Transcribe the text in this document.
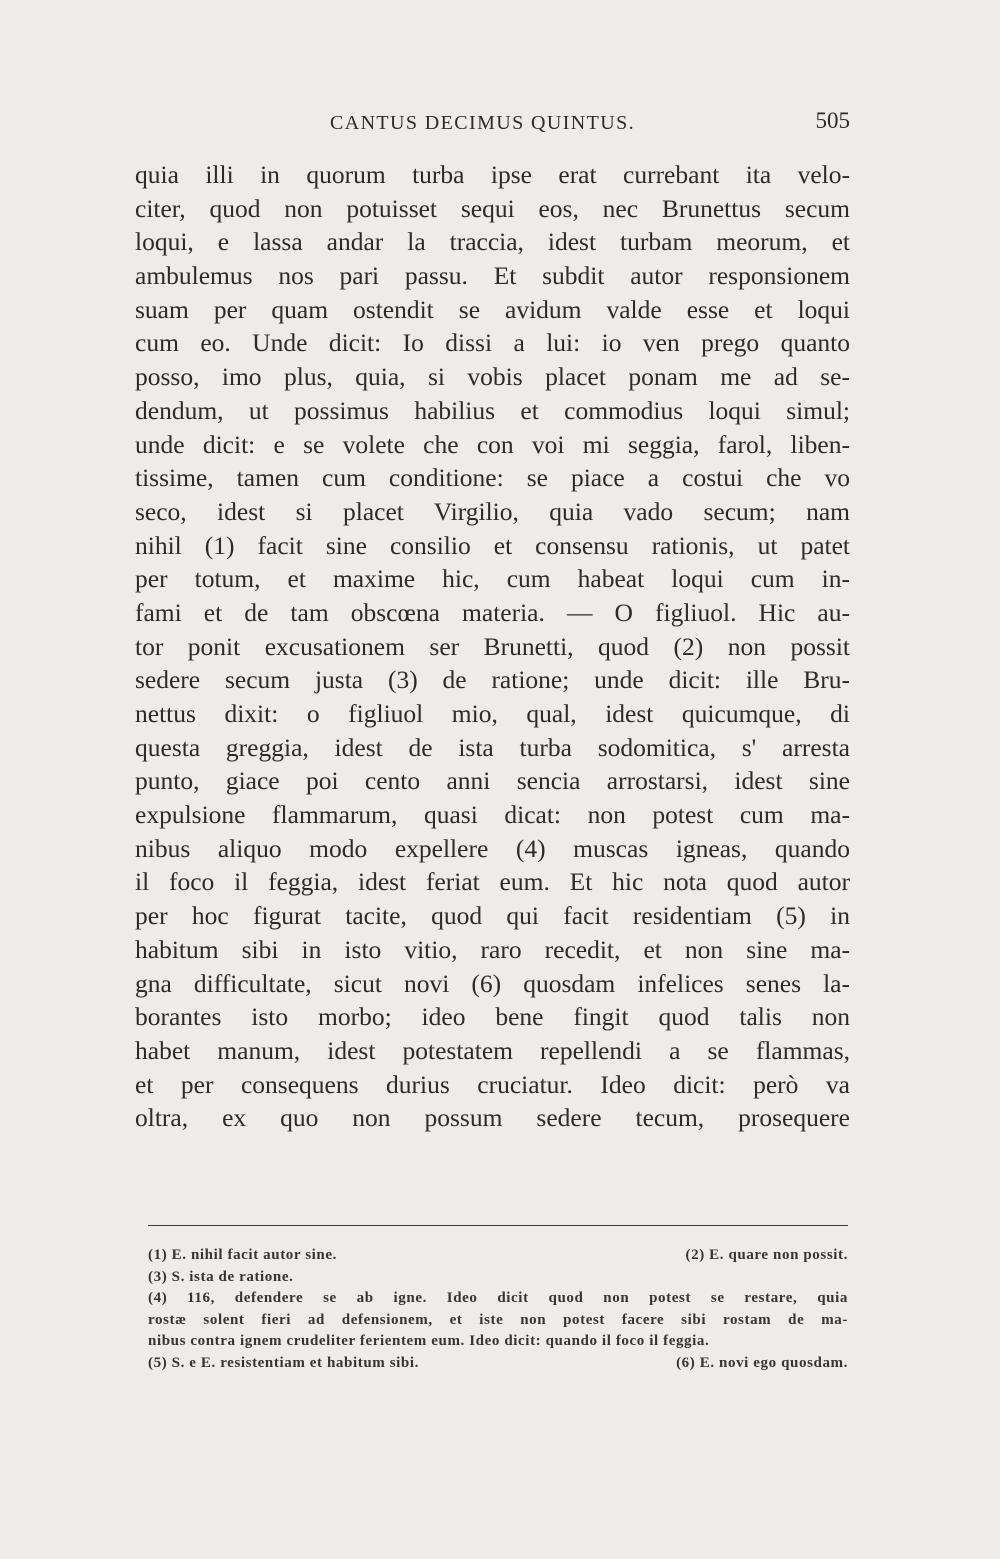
CANTUS DECIMUS QUINTUS.	505
quia illi in quorum turba ipse erat currebant ita velo-
citer, quod non potuisset sequi eos, nec Brunettus secum
loqui, e lassa andar la traccia, idest turbam meorum, et
ambulemus nos pari passu. Et subdit autor responsionem
suam per quam ostendit se avidum valde esse et loqui
cum eo. Unde dicit: Io dissi a lui: io ven prego quanto
posso, imo plus, quia, si vobis placet ponam me ad se-
dendum, ut possimus habilius et commodius loqui simul;
unde dicit: e se volete che con voi mi seggia, farol, liben-
tissime, tamen cum conditione: se piace a costui che vo
seco, idest si placet Virgilio, quia vado secum; nam
nihil (1) facit sine consilio et consensu rationis, ut patet
per totum, et maxime hic, cum habeat loqui cum in-
fami et de tam obscœna materia. — O figliuol. Hic au-
tor ponit excusationem ser Brunetti, quod (2) non possit
sedere secum justa (3) de ratione; unde dicit: ille Bru-
nettus dixit: o figliuol mio, qual, idest quicumque, di
questa greggia, idest de ista turba sodomitica, s' arresta
punto, giace poi cento anni sencia arrostarsi, idest sine
expulsione flammarum, quasi dicat: non potest cum ma-
nibus aliquo modo expellere (4) muscas igneas, quando
il foco il feggia, idest feriat eum. Et hic nota quod autor
per hoc figurat tacite, quod qui facit residentiam (5) in
habitum sibi in isto vitio, raro recedit, et non sine ma-
gna difficultate, sicut novi (6) quosdam infelices senes la-
borantes isto morbo; ideo bene fingit quod talis non
habet manum, idest potestatem repellendi a se flammas,
et per consequens durius cruciatur. Ideo dicit: però va
oltra, ex quo non possum sedere tecum, prosequere
(1) E. nihil facit autor sine.	(2) E. quare non possit.
(3) S. ista de ratione.
(4) 116, defendere se ab igne. Ideo dicit quod non potest se restare, quia
rostæ solent fieri ad defensionem, et iste non potest facere sibi rostam de ma-
nibus contra ignem crudeliter ferientem eum. Ideo dicit: quando il foco il feggia.
(5) S. e E. resistentiam et habitum sibi.	(6) E. novi ego quosdam.
